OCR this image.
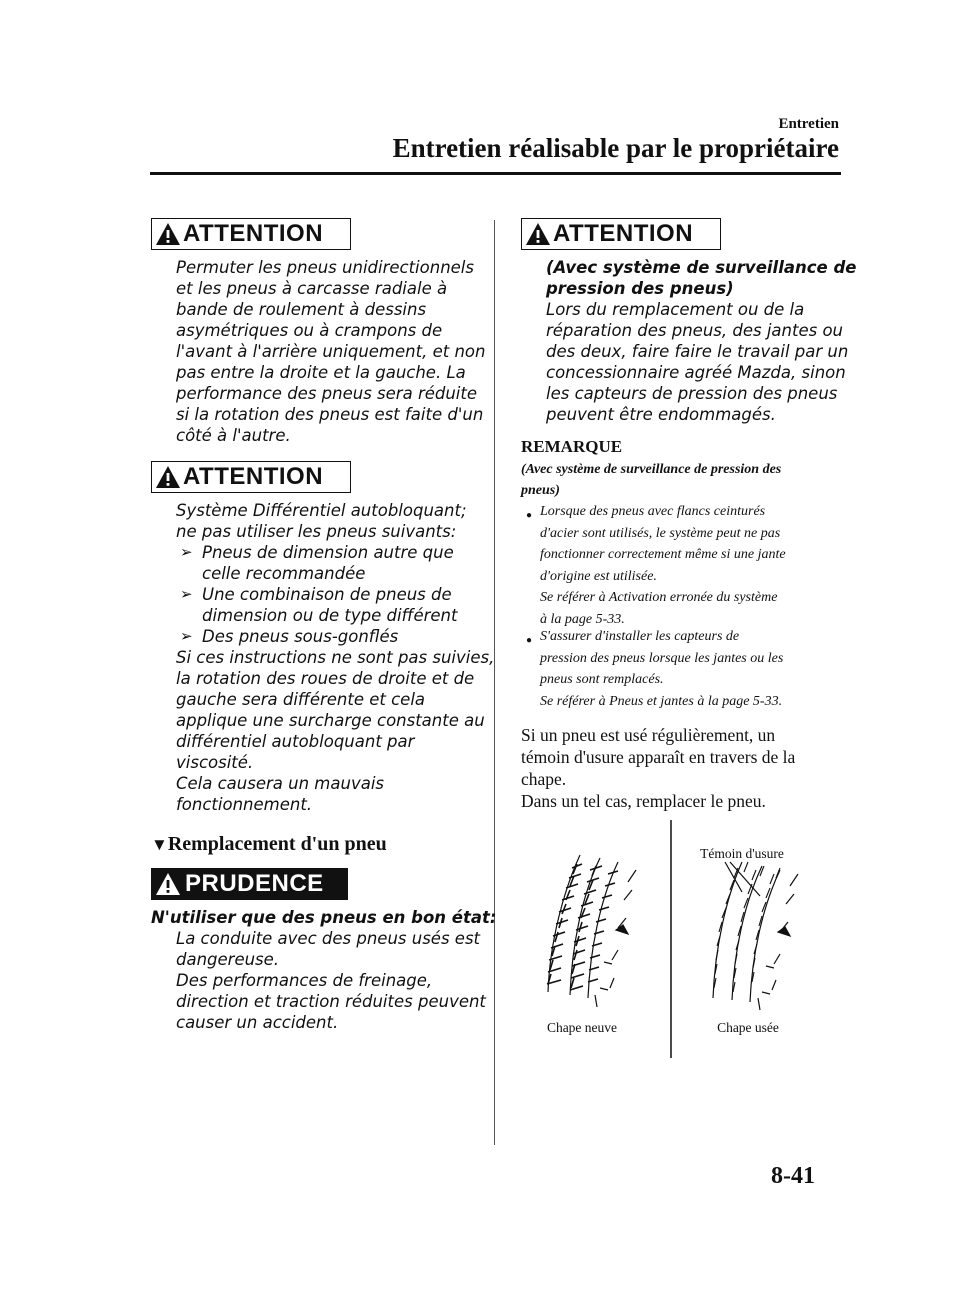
Entretien
Entretien réalisable par le propriétaire
ATTENTION
Permuter les pneus unidirectionnels
et les pneus à carcasse radiale à
bande de roulement à dessins
asymétriques ou à crampons de
l'avant à l'arrière uniquement, et non
pas entre la droite et la gauche. La
performance des pneus sera réduite
si la rotation des pneus est faite d'un
côté à l'autre.
ATTENTION
Système Différentiel autobloquant;
ne pas utiliser les pneus suivants:
➢ Pneus de dimension autre que
celle recommandée
➢ Une combinaison de pneus de
dimension ou de type différent
➢ Des pneus sous-gonflés
Si ces instructions ne sont pas suivies,
la rotation des roues de droite et de
gauche sera différente et cela
applique une surcharge constante au
différentiel autobloquant par
viscosité.
Cela causera un mauvais
fonctionnement.
▼Remplacement d'un pneu
PRUDENCE
N'utiliser que des pneus en bon état:
La conduite avec des pneus usés est
dangereuse.
Des performances de freinage,
direction et traction réduites peuvent
causer un accident.
ATTENTION
(Avec système de surveillance de
pression des pneus)
Lors du remplacement ou de la
réparation des pneus, des jantes ou
des deux, faire faire le travail par un
concessionnaire agréé Mazda, sinon
les capteurs de pression des pneus
peuvent être endommagés.
REMARQUE
(Avec système de surveillance de pression des
pneus)
● Lorsque des pneus avec flancs ceinturés
d'acier sont utilisés, le système peut ne pas
fonctionner correctement même si une jante
d'origine est utilisée.
Se référer à Activation erronée du système
à la page 5-33.
● S'assurer d'installer les capteurs de
pression des pneus lorsque les jantes ou les
pneus sont remplacés.
Se référer à Pneus et jantes à la page 5-33.
Si un pneu est usé régulièrement, un
témoin d'usure apparaît en travers de la
chape.
Dans un tel cas, remplacer le pneu.
Témoin d'usure
Chape neuve	Chape usée
8-41
